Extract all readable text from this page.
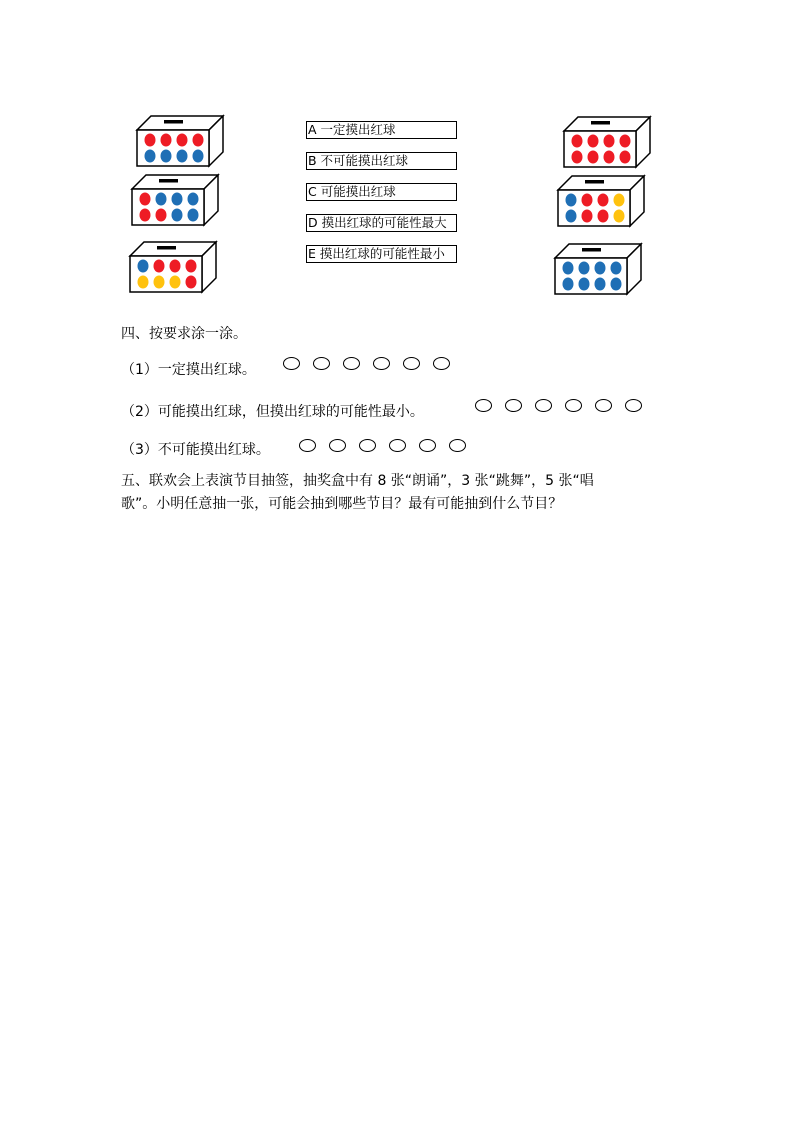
A 一定摸出红球
B 不可能摸出红球
C 可能摸出红球
D 摸出红球的可能性最大
E 摸出红球的可能性最小
四、按要求涂一涂。
（1）一定摸出红球。
（2）可能摸出红球，但摸出红球的可能性最小。
（3）不可能摸出红球。
五、联欢会上表演节目抽签，抽奖盒中有 8 张“朗诵”，3 张“跳舞”，5 张“唱
歌”。小明任意抽一张，可能会抽到哪些节目？最有可能抽到什么节目？
